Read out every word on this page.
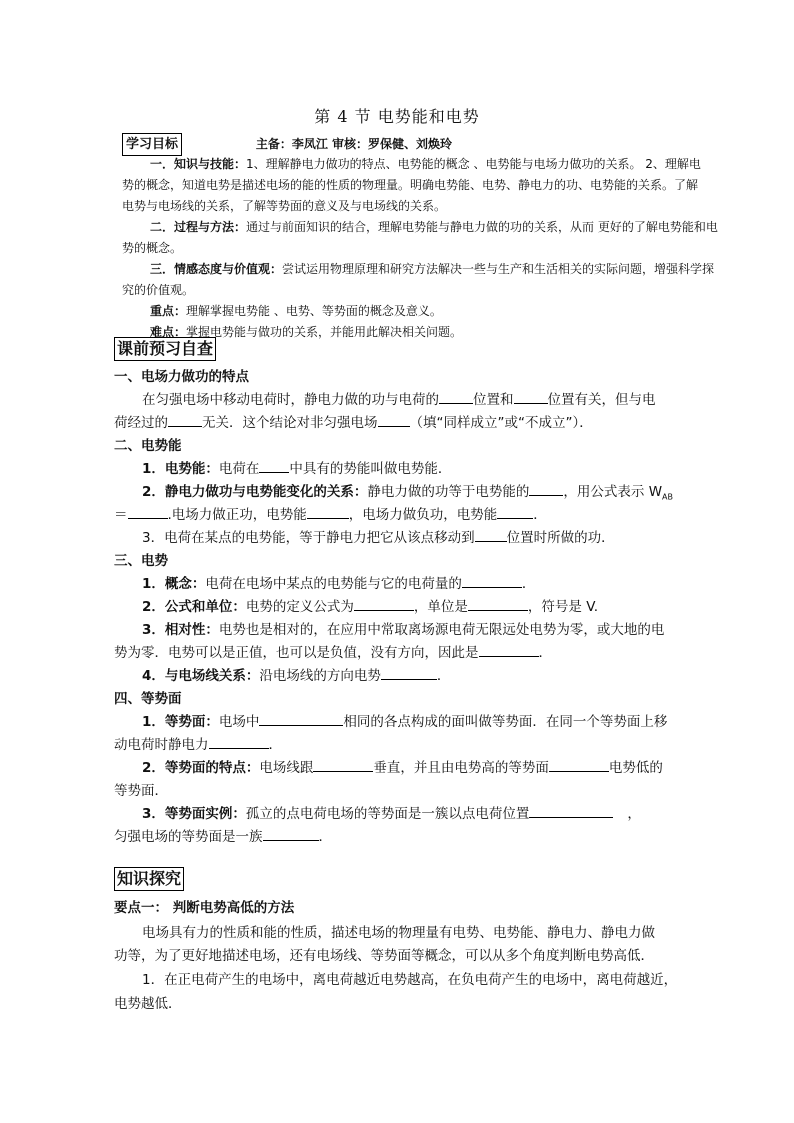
第 4 节 电势能和电势
学习目标	主备：李凤江 审核：罗保健、刘焕玲
一．知识与技能：1、理解静电力做功的特点、电势能的概念 、电势能与电场力做功的关系。 2、理解电
势的概念，知道电势是描述电场的能的性质的物理量。明确电势能、电势、静电力的功、电势能的关系。了解
电势与电场线的关系，了解等势面的意义及与电场线的关系。
二．过程与方法：通过与前面知识的结合，理解电势能与静电力做的功的关系，从而 更好的了解电势能和电
势的概念。
三．情感态度与价值观：尝试运用物理原理和研究方法解决一些与生产和生活相关的实际问题，增强科学探
究的价值观。
重点：理解掌握电势能 、电势、等势面的概念及意义。
难点：掌握电势能与做功的关系，并能用此解决相关问题。
课前预习自查
一、电场力做功的特点
在匀强电场中移动电荷时，静电力做的功与电荷的	位置和	位置有关，但与电
荷经过的	无关．这个结论对非匀强电场 （填“同样成立”或“不成立”）．
二、电势能
1．电势能：电荷在 中具有的势能叫做电势能．
2．静电力做功与电势能变化的关系：静电力做的功等于电势能的	，用公式表示 $W_{AB}$
＝	.电场力做正功，电势能	，电场力做负功，电势能	．
3．电荷在某点的电势能，等于静电力把它从该点移动到 位置时所做的功．
三、电势
1．概念：电荷在电场中某点的电势能与它的电荷量的	．
2．公式和单位：电势的定义公式为	，单位是	，符号是 V.
3．相对性：电势也是相对的，在应用中常取离场源电荷无限远处电势为零，或大地的电
势为零．电势可以是正值，也可以是负值，没有方向，因此是	．
4．与电场线关系：沿电场线的方向电势	．
四、等势面
1．等势面：电场中	相同的各点构成的面叫做等势面．在同一个等势面上移
动电荷时静电力	．
2．等势面的特点：电场线跟	垂直，并且由电势高的等势面	电势低的
等势面．
3．等势面实例：孤立的点电荷电场的等势面是一簇以点电荷位置	，
匀强电场的等势面是一族	．
知识探究
要点一： 判断电势高低的方法
电场具有力的性质和能的性质，描述电场的物理量有电势、电势能、静电力、静电力做
功等，为了更好地描述电场，还有电场线、等势面等概念，可以从多个角度判断电势高低．
1．在正电荷产生的电场中，离电荷越近电势越高，在负电荷产生的电场中，离电荷越近，
电势越低．
